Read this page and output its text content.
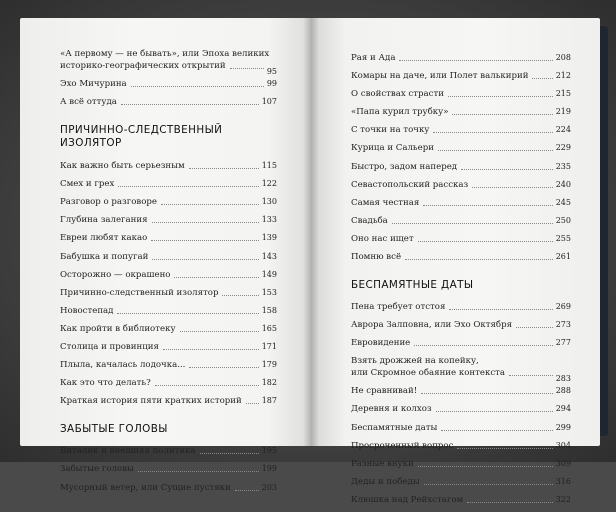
«А первому — не бывать», или Эпоха великих
историко-географических открытий
95
Эхо Мичурина	99
А всё оттуда	107
ПРИЧИННО-СЛЕДСТВЕННЫЙ
ИЗОЛЯТОР
Как важно быть серьезным	115
Смех и грех	122
Разговор о разговоре	130
Глубина залегания	133
Евреи любят какао	139
Бабушка и попугай	143
Осторожно — окрашено	149
Причинно-следственный изолятор	153
Новостепад	158
Как пройти в библиотеку	165
Столица и провинция	171
Плыла, качалась лодочка...	179
Как это что делать?	182
Краткая история пяти кратких историй 187
ЗАБЫТЫЕ ГОЛОВЫ
Виталик и внешняя политика	195
Забытые головы	199
Мусорный ветер, или Сущие пустяки	203
Рая и Ада	208
Комары на даче, или Полет валькирий	212
О свойствах страсти	215
«Папа курил трубку»	219
С точки на точку	224
Курица и Сальери	229
Быстро, задом наперед	235
Севастопольский рассказ	240
Самая честная	245
Свадьба	250
Оно нас ищет	255
Помню всё	261
БЕСПАМЯТНЫЕ ДАТЫ
Пена требует отстоя	269
Аврора Залповна, или Эхо Октября	273
Евровидение	277
Взять дрожжей на копейку,
или Скромное обаяние контекста
283
Не сравнивай!	288
Деревня и колхоз	294
Беспамятные даты	299
Просроченный вопрос	304
Разные внуки	309
Деды и победы	316
Клюшка над Рейхстагом	322
